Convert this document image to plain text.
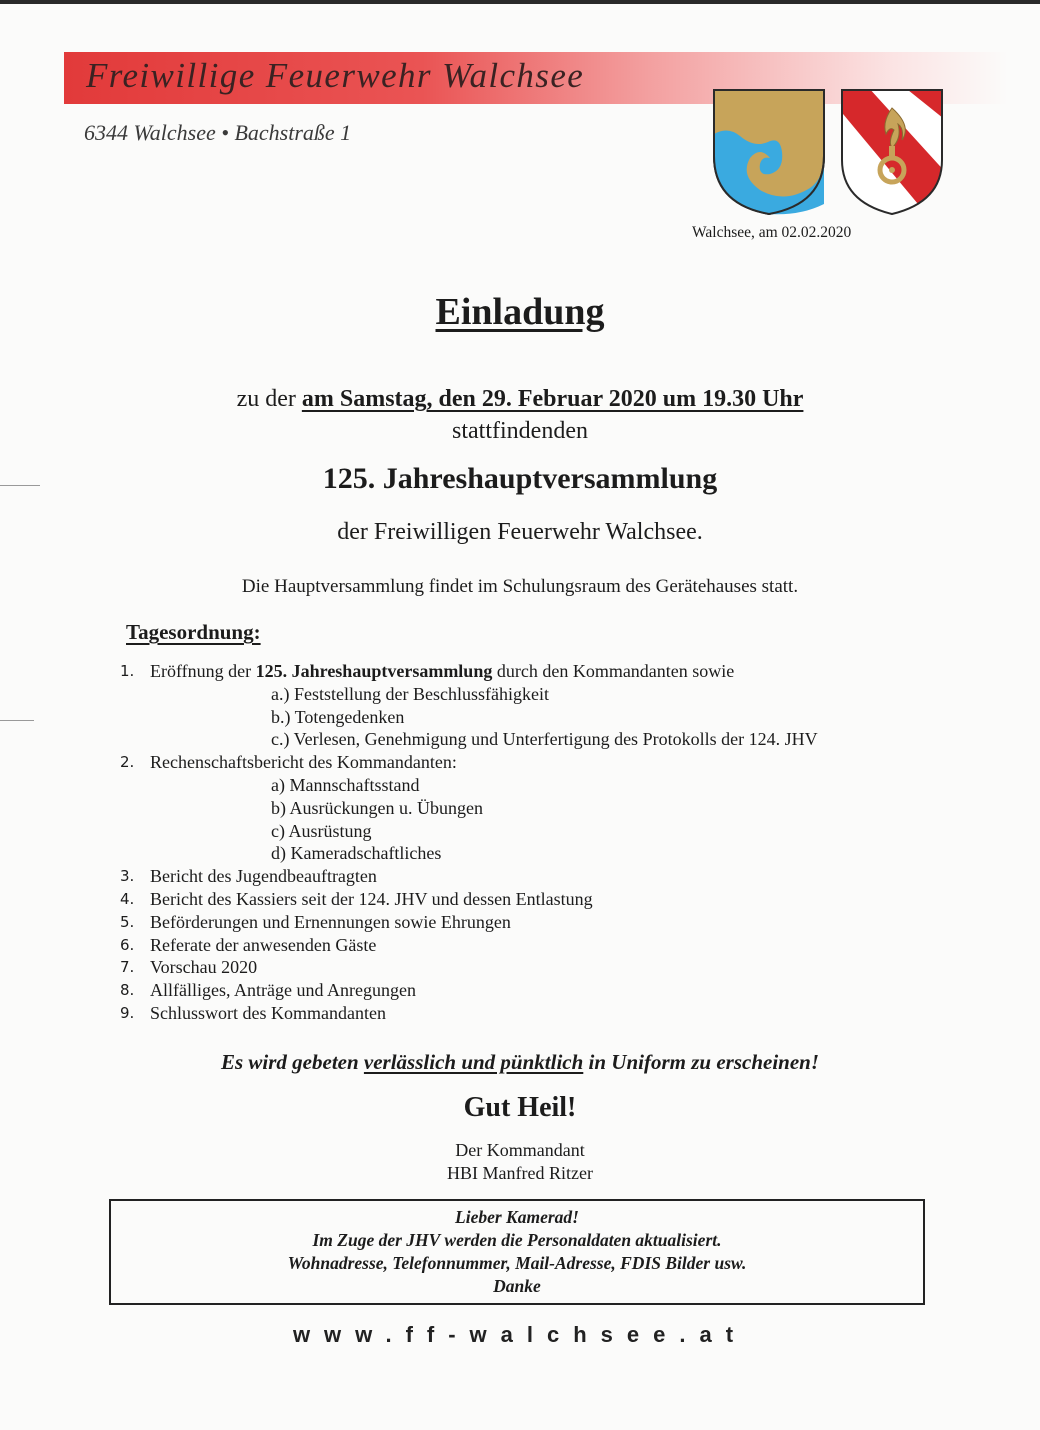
Freiwillige Feuerwehr Walchsee
6344 Walchsee • Bachstraße 1
Walchsee, am 02.02.2020
Einladung
zu der am Samstag, den 29. Februar 2020 um 19.30 Uhr
stattfindenden
125. Jahreshauptversammlung
der Freiwilligen Feuerwehr Walchsee.
Die Hauptversammlung findet im Schulungsraum des Gerätehauses statt.
Tagesordnung:
1. Eröffnung der 125. Jahreshauptversammlung durch den Kommandanten sowie
a.) Feststellung der Beschlussfähigkeit
b.) Totengedenken
c.) Verlesen, Genehmigung und Unterfertigung des Protokolls der 124. JHV
2. Rechenschaftsbericht des Kommandanten:
a) Mannschaftsstand
b) Ausrückungen u. Übungen
c) Ausrüstung
d) Kameradschaftliches
3. Bericht des Jugendbeauftragten
4. Bericht des Kassiers seit der 124. JHV und dessen Entlastung
5. Beförderungen und Ernennungen sowie Ehrungen
6. Referate der anwesenden Gäste
7. Vorschau 2020
8. Allfälliges, Anträge und Anregungen
9. Schlusswort des Kommandanten
Es wird gebeten verlässlich und pünktlich in Uniform zu erscheinen!
Gut Heil!
Der Kommandant
HBI Manfred Ritzer
Lieber Kamerad!
Im Zuge der JHV werden die Personaldaten aktualisiert.
Wohnadresse, Telefonnummer, Mail-Adresse, FDIS Bilder usw.
Danke
www.ff-walchsee.at
